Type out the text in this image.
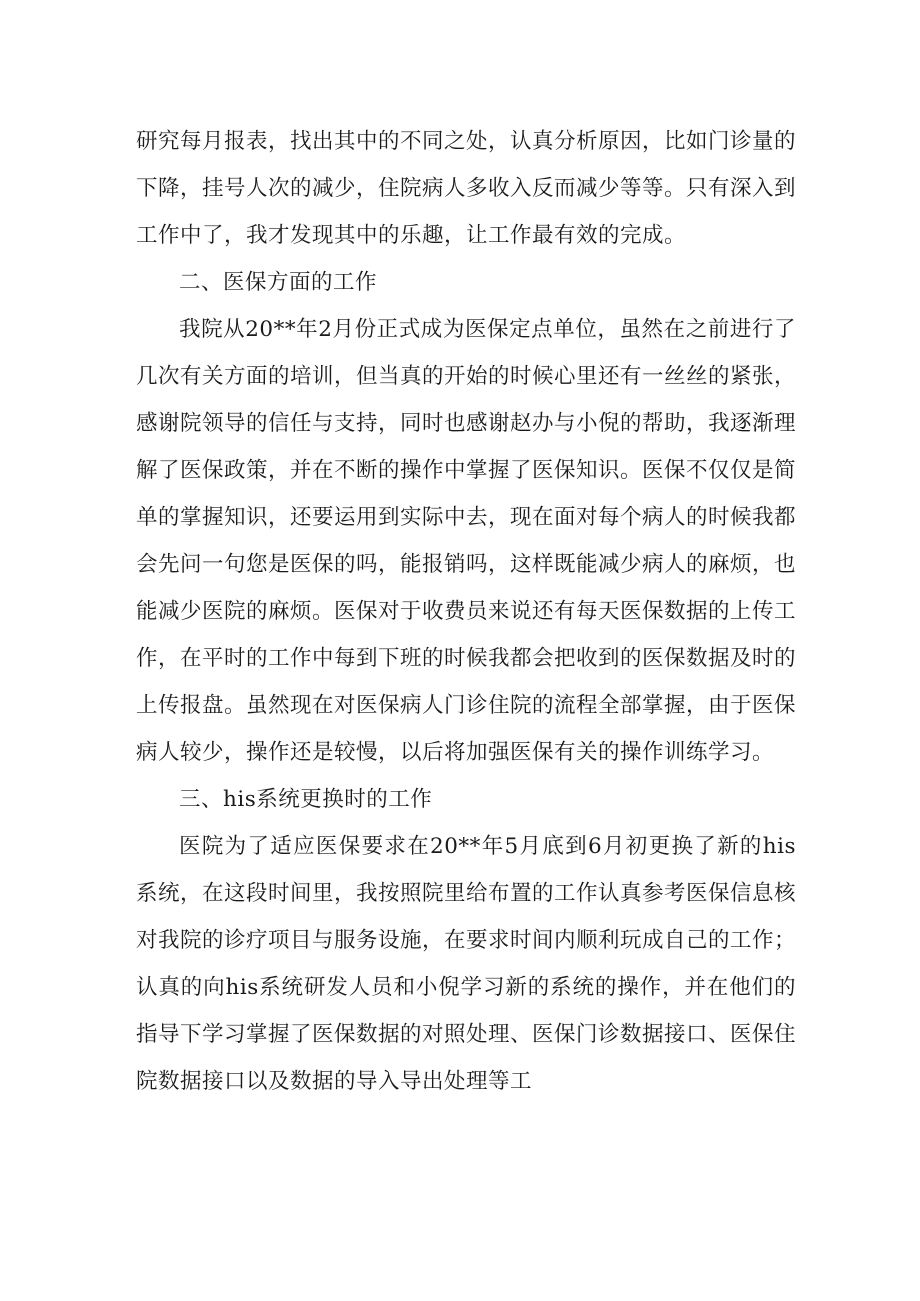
研究每月报表，找出其中的不同之处，认真分析原因，比如门诊量的下降，挂号人次的减少，住院病人多收入反而减少等等。只有深入到工作中了，我才发现其中的乐趣，让工作最有效的完成。

二、医保方面的工作

我院从20**年2月份正式成为医保定点单位，虽然在之前进行了几次有关方面的培训，但当真的开始的时候心里还有一丝丝的紧张，感谢院领导的信任与支持，同时也感谢赵办与小倪的帮助，我逐渐理解了医保政策，并在不断的操作中掌握了医保知识。医保不仅仅是简单的掌握知识，还要运用到实际中去，现在面对每个病人的时候我都会先问一句您是医保的吗，能报销吗，这样既能减少病人的麻烦，也能减少医院的麻烦。医保对于收费员来说还有每天医保数据的上传工作，在平时的工作中每到下班的时候我都会把收到的医保数据及时的上传报盘。虽然现在对医保病人门诊住院的流程全部掌握，由于医保病人较少，操作还是较慢，以后将加强医保有关的操作训练学习。

三、his系统更换时的工作

医院为了适应医保要求在20**年5月底到6月初更换了新的his系统，在这段时间里，我按照院里给布置的工作认真参考医保信息核对我院的诊疗项目与服务设施，在要求时间内顺利玩成自己的工作；认真的向his系统研发人员和小倪学习新的系统的操作，并在他们的指导下学习掌握了医保数据的对照处理、医保门诊数据接口、医保住院数据接口以及数据的导入导出处理等工
